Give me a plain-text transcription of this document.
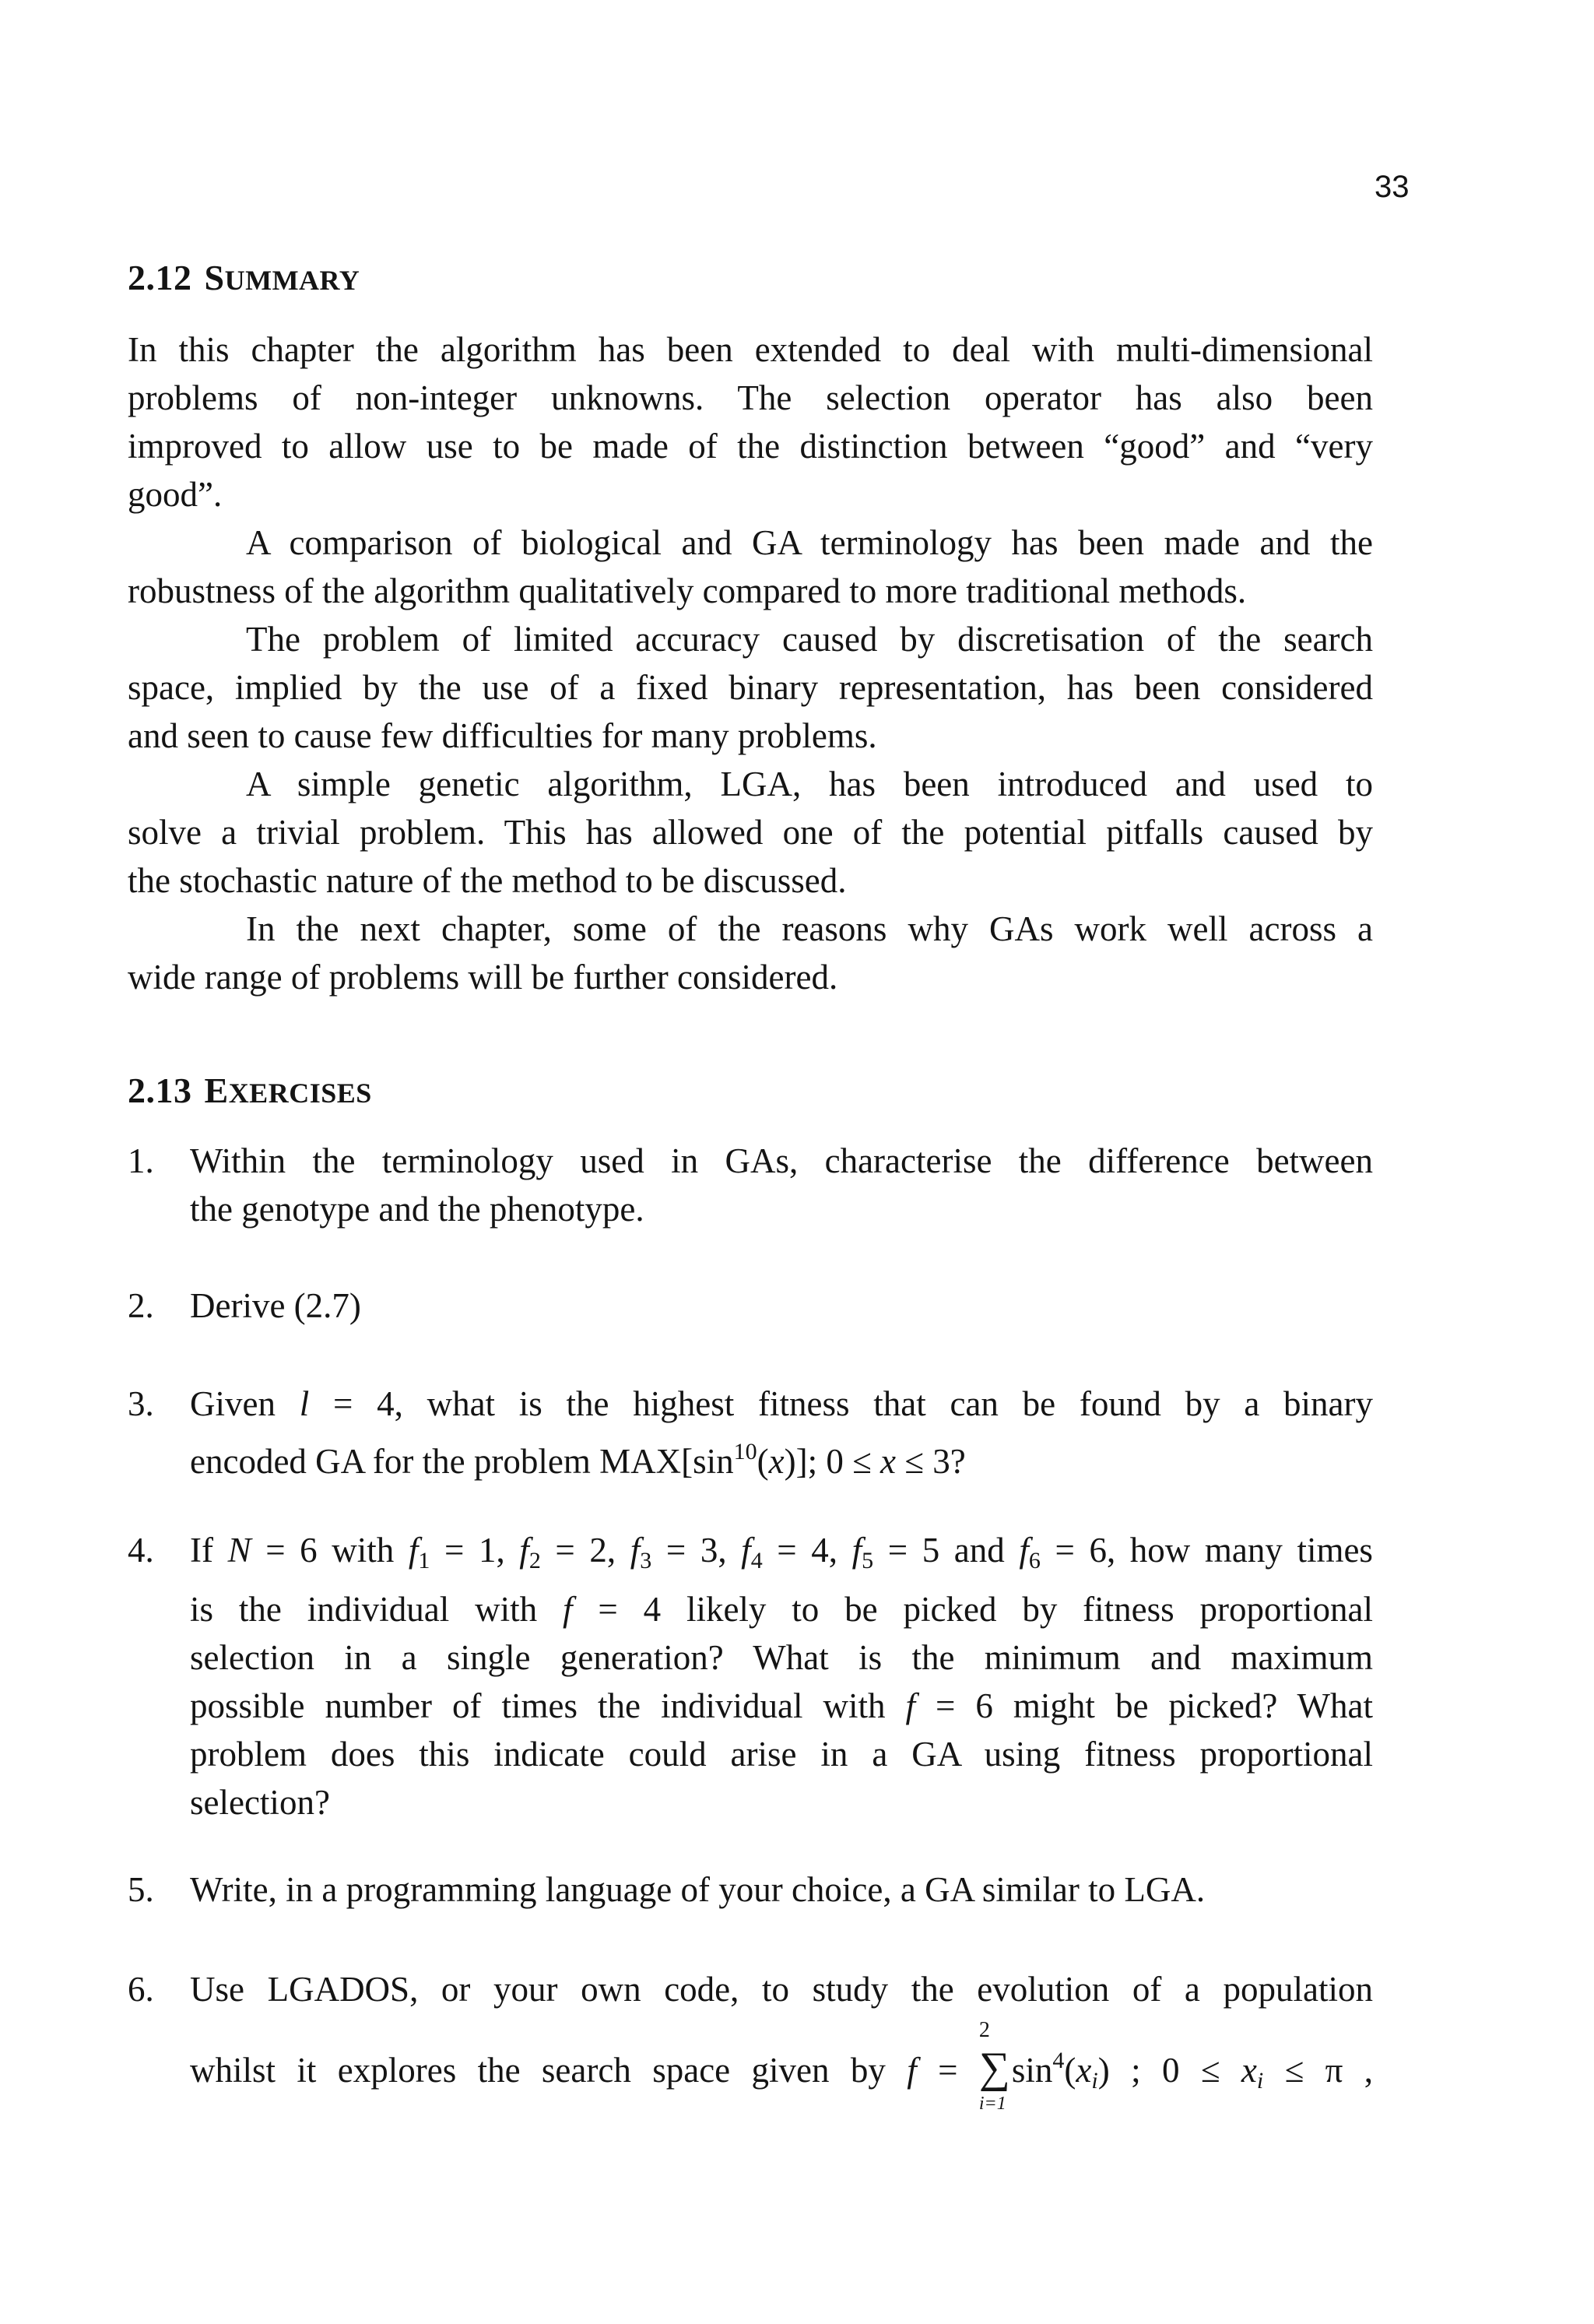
33
2.12 SUMMARY
In this chapter the algorithm has been extended to deal with multi-dimensional
problems of non-integer unknowns. The selection operator has also been
improved to allow use to be made of the distinction between “good” and “very
good”.
A comparison of biological and GA terminology has been made and the
robustness of the algorithm qualitatively compared to more traditional methods.
The problem of limited accuracy caused by discretisation of the search
space, implied by the use of a fixed binary representation, has been considered
and seen to cause few difficulties for many problems.
A simple genetic algorithm, LGA, has been introduced and used to
solve a trivial problem. This has allowed one of the potential pitfalls caused by
the stochastic nature of the method to be discussed.
In the next chapter, some of the reasons why GAs work well across a
wide range of problems will be further considered.
2.13 EXERCISES
1. Within the terminology used in GAs, characterise the difference between
the genotype and the phenotype.
2. Derive (2.7)
3. Given l = 4, what is the highest fitness that can be found by a binary
encoded GA for the problem $MAX[\sin^{10}(x)]$; 0 ≤ x ≤ 3?
4. If N = 6 with $f_1 = 1$, $f_2 = 2$, $f_3 = 3$, $f_4 = 4$, $f_5 = 5$ and $f_6 = 6$, how many times
is the individual with f = 4 likely to be picked by fitness proportional
selection in a single generation? What is the minimum and maximum
possible number of times the individual with f = 6 might be picked? What
problem does this indicate could arise in a GA using fitness proportional
selection?
5. Write, in a programming language of your choice, a GA similar to LGA.
6. Use LGADOS, or your own code, to study the evolution of a population
whilst it explores the search space given by f =
2
∑
i=1
$\sin^4(x_i)$ ; $0 \le x_i \le \pi$ ,
